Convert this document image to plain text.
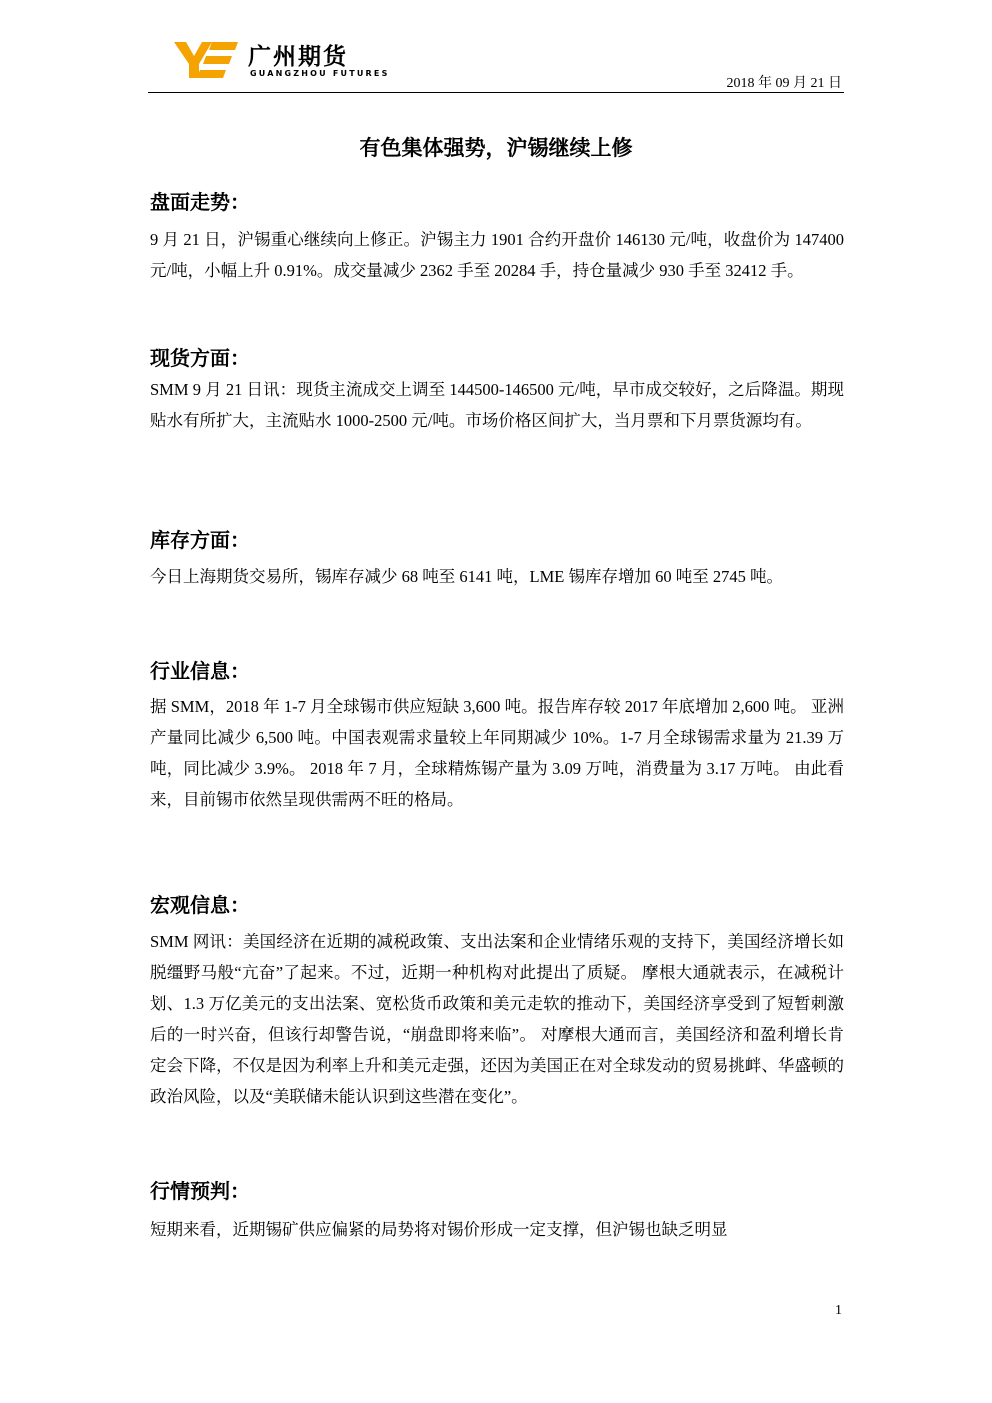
广州期货
GUANGZHOU FUTURES
2018 年 09 月 21 日
有色集体强势，沪锡继续上修
盘面走势：
9 月 21 日，沪锡重心继续向上修正。沪锡主力 1901 合约开盘价 146130 元/吨，收盘价为 147400 元/吨，小幅上升 0.91%。成交量减少 2362 手至 20284 手，持仓量减少 930 手至 32412 手。
现货方面：
SMM 9 月 21 日讯：现货主流成交上调至 144500-146500 元/吨，早市成交较好，之后降温。期现贴水有所扩大，主流贴水 1000-2500 元/吨。市场价格区间扩大，当月票和下月票货源均有。
库存方面：
今日上海期货交易所，锡库存减少 68 吨至 6141 吨，LME 锡库存增加 60 吨至 2745 吨。
行业信息：
据 SMM，2018 年 1-7 月全球锡市供应短缺 3,600 吨。报告库存较 2017 年底增加 2,600 吨。 亚洲产量同比减少 6,500 吨。中国表观需求量较上年同期减少 10%。1-7 月全球锡需求量为 21.39 万吨，同比减少 3.9%。 2018 年 7 月，全球精炼锡产量为 3.09 万吨，消费量为 3.17 万吨。 由此看来，目前锡市依然呈现供需两不旺的格局。
宏观信息：
SMM 网讯：美国经济在近期的减税政策、支出法案和企业情绪乐观的支持下，美国经济增长如脱缰野马般“亢奋”了起来。不过，近期一种机构对此提出了质疑。 摩根大通就表示，在减税计划、1.3 万亿美元的支出法案、宽松货币政策和美元走软的推动下，美国经济享受到了短暂刺激后的一时兴奋，但该行却警告说，“崩盘即将来临”。 对摩根大通而言，美国经济和盈利增长肯定会下降，不仅是因为利率上升和美元走强，还因为美国正在对全球发动的贸易挑衅、华盛顿的政治风险，以及“美联储未能认识到这些潜在变化”。
行情预判：
短期来看，近期锡矿供应偏紧的局势将对锡价形成一定支撑，但沪锡也缺乏明显
1
